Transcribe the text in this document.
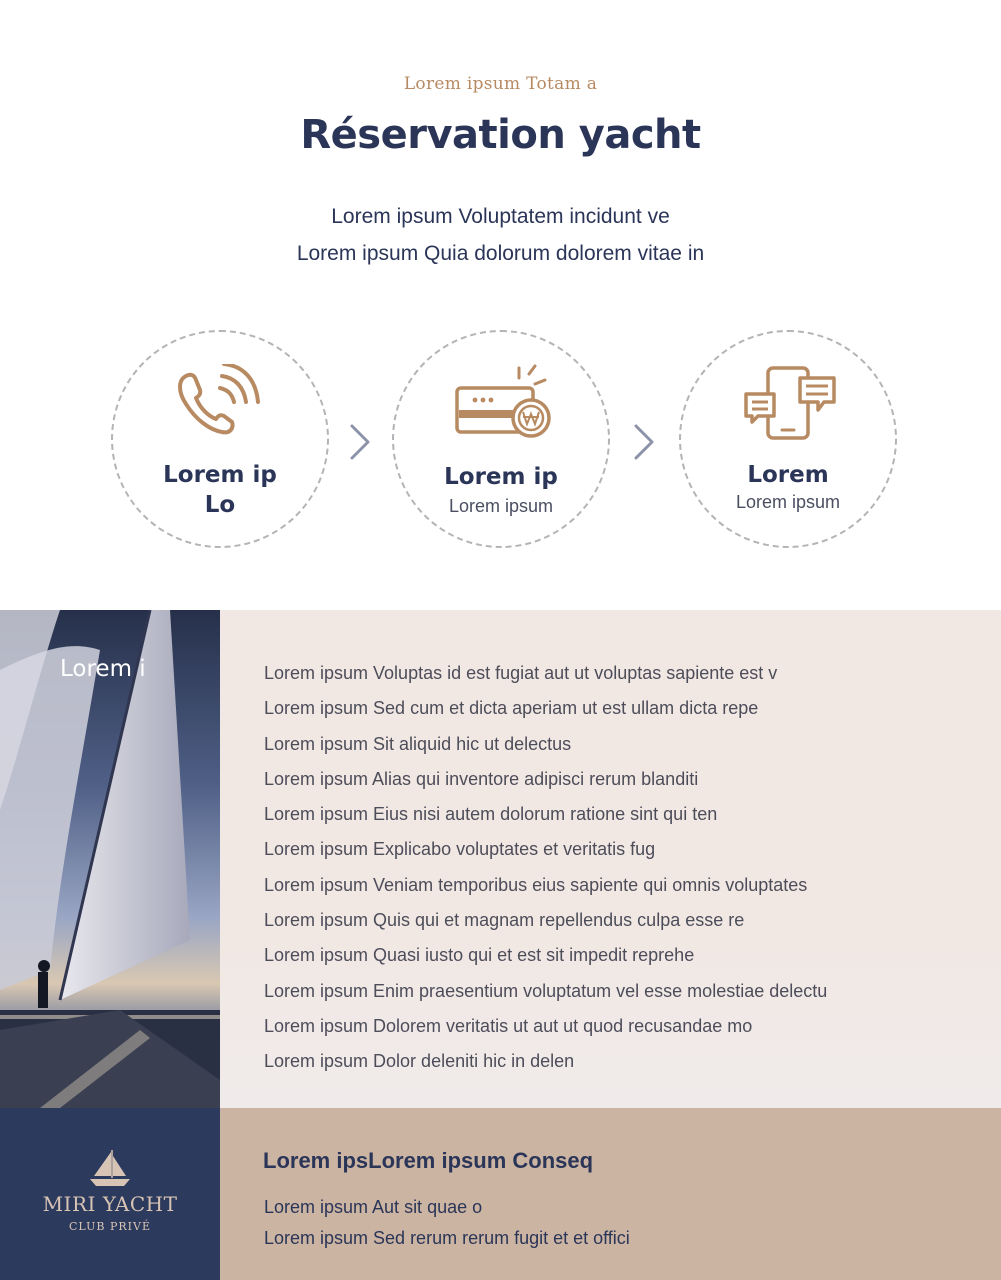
Lorem ipsum Totam a
Réservation yacht
Lorem ipsum Voluptatem incidunt ve
Lorem ipsum Quia dolorum dolorem vitae in
Lorem ip
Lo
Lorem ip
Lorem ipsum
Lorem
Lorem ipsum
Lorem i	Lorem ipsum Voluptas id est fugiat aut ut voluptas sapiente est v
Lorem ipsum Sed cum et dicta aperiam ut est ullam dicta repe
Lorem ipsum Sit aliquid hic ut delectus
Lorem ipsum Alias qui inventore adipisci rerum blanditi
Lorem ipsum Eius nisi autem dolorum ratione sint qui ten
Lorem ipsum Explicabo voluptates et veritatis fug
Lorem ipsum Veniam temporibus eius sapiente qui omnis voluptates
Lorem ipsum Quis qui et magnam repellendus culpa esse re
Lorem ipsum Quasi iusto qui et est sit impedit reprehe
Lorem ipsum Enim praesentium voluptatum vel esse molestiae delectu
Lorem ipsum Dolorem veritatis ut aut ut quod recusandae mo
Lorem ipsum Dolor deleniti hic in delen
MIRI YACHT
CLUB PRIVÉ
Lorem ipsLorem ipsum Conseq
Lorem ipsum Aut sit quae o
Lorem ipsum Sed rerum rerum fugit et et offici
